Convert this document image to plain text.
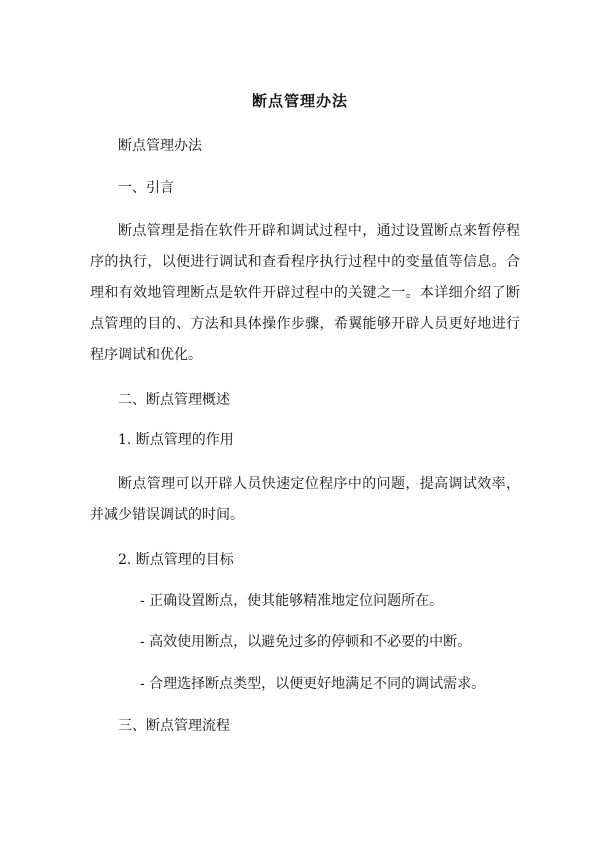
断点管理办法
断点管理办法
一、引言
断点管理是指在软件开辟和调试过程中，通过设置断点来暂停程序的执行，以便进行调试和查看程序执行过程中的变量值等信息。合理和有效地管理断点是软件开辟过程中的关键之一。本详细介绍了断点管理的目的、方法和具体操作步骤，希翼能够开辟人员更好地进行程序调试和优化。
二、断点管理概述
1. 断点管理的作用
断点管理可以开辟人员快速定位程序中的问题，提高调试效率，并减少错误调试的时间。
2. 断点管理的目标
- 正确设置断点，使其能够精准地定位问题所在。
- 高效使用断点，以避免过多的停顿和不必要的中断。
- 合理选择断点类型，以便更好地满足不同的调试需求。
三、断点管理流程
